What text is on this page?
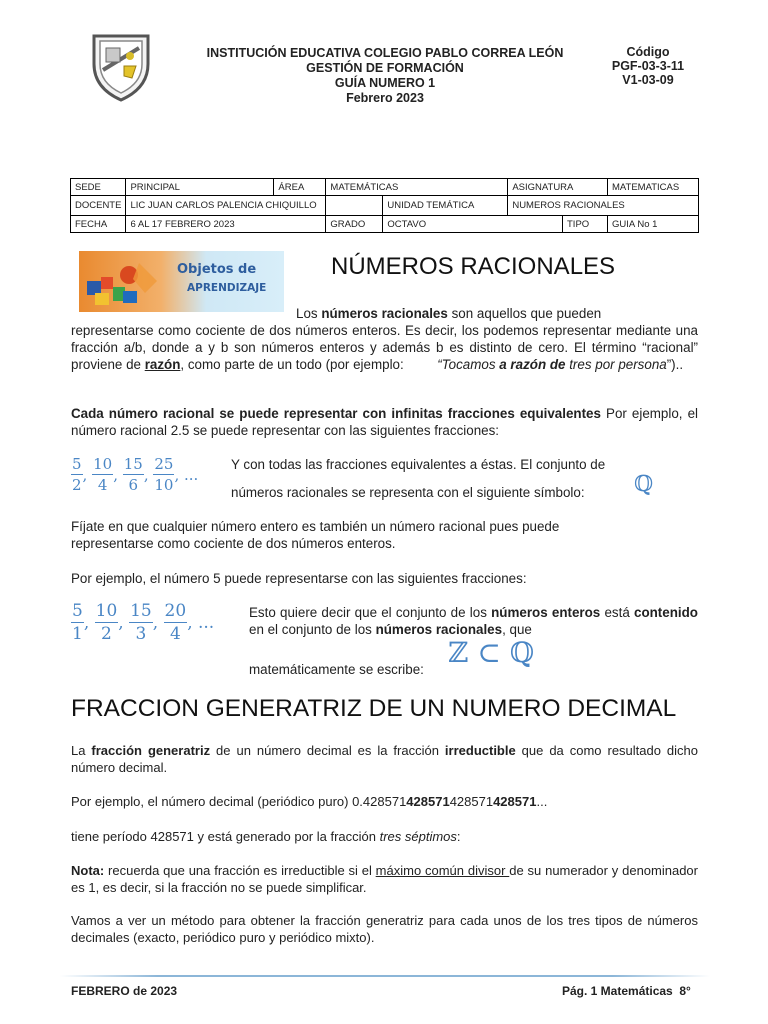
INSTITUCIÓN EDUCATIVA COLEGIO PABLO CORREA LEÓN
GESTIÓN DE FORMACIÓN
GUÍA NUMERO 1
Febrero 2023
Código
PGF-03-3-11
V1-03-09
SEDE	PRINCIPAL	ÁREA	MATEMÁTICAS		ASIGNATURA		MATEMATICAS
DOCENTE	LIC JUAN CARLOS PALENCIA CHIQUILLO			UNIDAD TEMÁTICA	NUMEROS RACIONALES		
FECHA	6 AL 17 FEBRERO 2023		GRADO	OCTAVO		TIPO	GUIA No 1
Objetos de
APRENDIZAJE
NÚMEROS RACIONALES
Los números racionales son aquellos que pueden
representarse como cociente de dos números enteros. Es decir, los podemos representar mediante una fracción a/b, donde a y b son números enteros y además b es distinto de cero. El término “racional” proviene de razón, como parte de un todo (por ejemplo:         “Tocamos a razón de tres por persona”)..
Cada número racional se puede representar con infinitas fracciones equivalentes Por ejemplo, el número racional 2.5 se puede representar con las siguientes fracciones:
$\frac{5}{2}$ , $\frac{10}{4}$ , $\frac{15}{6}$ , $\frac{25}{10}$ , ...
Y con todas las fracciones equivalentes a éstas. El conjunto de
números racionales se representa con el siguiente símbolo: ℚ
Fíjate en que cualquier número entero es también un número racional pues puede representarse como cociente de dos números enteros.
Por ejemplo, el número 5 puede representarse con las siguientes fracciones:
$\frac{5}{1}$ , $\frac{10}{2}$ , $\frac{15}{3}$ , $\frac{20}{4}$ , ...
Esto quiere decir que el conjunto de los números enteros está contenido en el conjunto de los números racionales, que
matemáticamente se escribe:
ℤ ⊂ ℚ
FRACCION GENERATRIZ DE UN NUMERO DECIMAL
La fracción generatriz de un número decimal es la fracción irreductible que da como resultado dicho número decimal.
Por ejemplo, el número decimal (periódico puro) 0.428571428571428571428571...
tiene período 428571 y está generado por la fracción tres séptimos:
Nota: recuerda que una fracción es irreductible si el máximo común divisor de su numerador y denominador es 1, es decir, si la fracción no se puede simplificar.
Vamos a ver un método para obtener la fracción generatriz para cada unos de los tres tipos de números decimales (exacto, periódico puro y periódico mixto).
FEBRERO de 2023	Pág. 1 Matemáticas  8°
